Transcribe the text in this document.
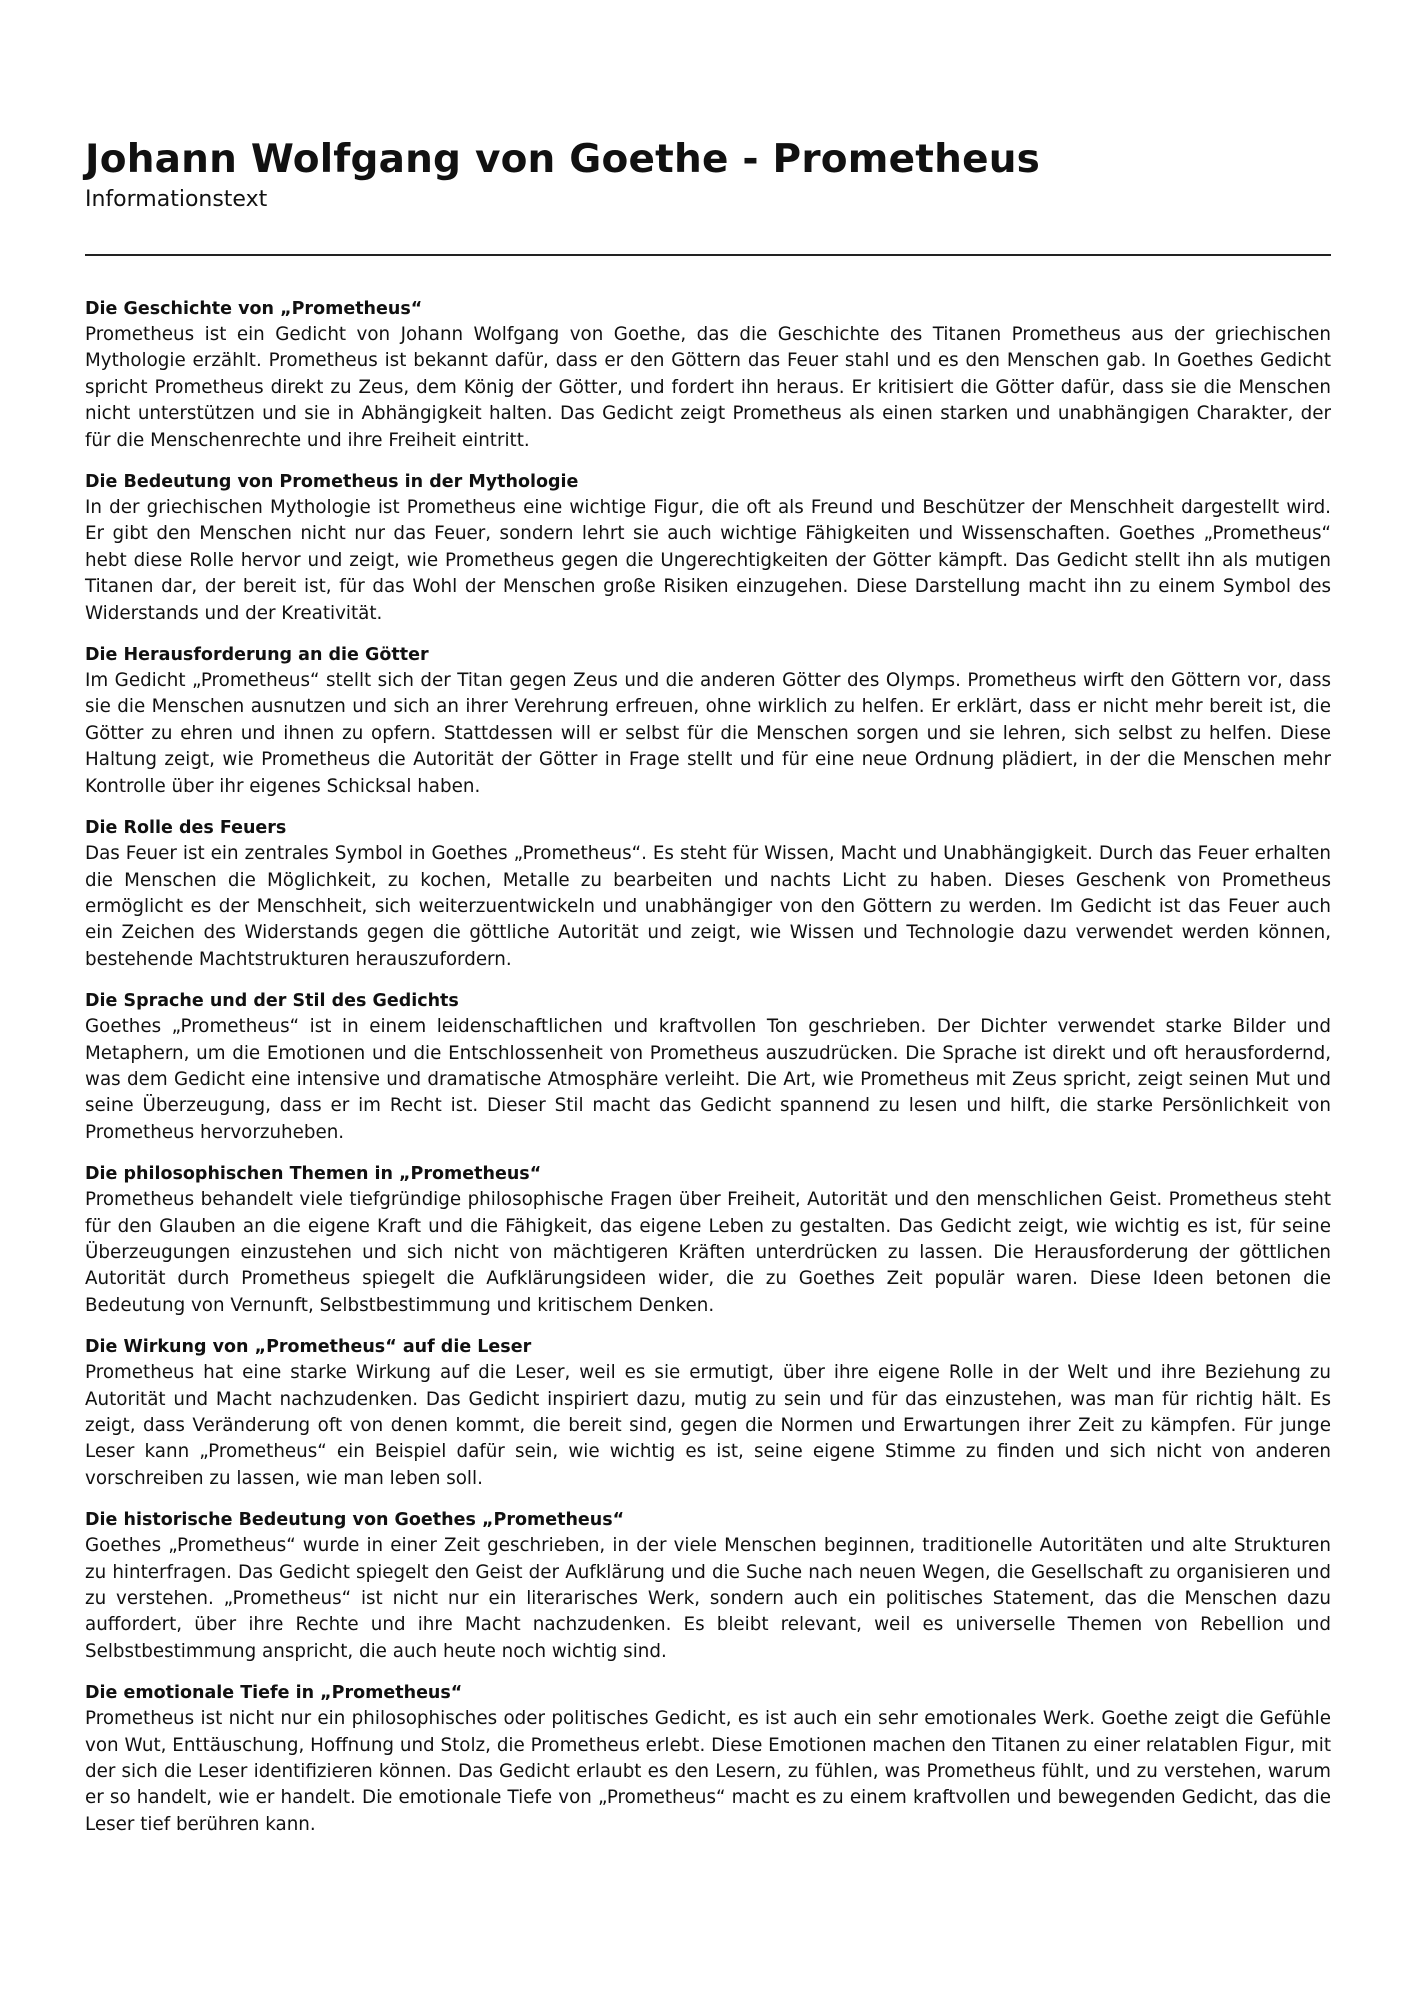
Johann Wolfgang von Goethe - Prometheus
Informationstext
Die Geschichte von „Prometheus“

Prometheus ist ein Gedicht von Johann Wolfgang von Goethe, das die Geschichte des Titanen Prometheus aus der griechischen Mythologie erzählt. Prometheus ist bekannt dafür, dass er den Göttern das Feuer stahl und es den Menschen gab. In Goethes Gedicht spricht Prometheus direkt zu Zeus, dem König der Götter, und fordert ihn heraus. Er kritisiert die Götter dafür, dass sie die Menschen nicht unterstützen und sie in Abhängigkeit halten. Das Gedicht zeigt Prometheus als einen starken und unabhängigen Charakter, der für die Menschenrechte und ihre Freiheit eintritt.

Die Bedeutung von Prometheus in der Mythologie

In der griechischen Mythologie ist Prometheus eine wichtige Figur, die oft als Freund und Beschützer der Menschheit dargestellt wird. Er gibt den Menschen nicht nur das Feuer, sondern lehrt sie auch wichtige Fähigkeiten und Wissenschaften. Goethes „Prometheus“ hebt diese Rolle hervor und zeigt, wie Prometheus gegen die Ungerechtigkeiten der Götter kämpft. Das Gedicht stellt ihn als mutigen Titanen dar, der bereit ist, für das Wohl der Menschen große Risiken einzugehen. Diese Darstellung macht ihn zu einem Symbol des Widerstands und der Kreativität.

Die Herausforderung an die Götter

Im Gedicht „Prometheus“ stellt sich der Titan gegen Zeus und die anderen Götter des Olymps. Prometheus wirft den Göttern vor, dass sie die Menschen ausnutzen und sich an ihrer Verehrung erfreuen, ohne wirklich zu helfen. Er erklärt, dass er nicht mehr bereit ist, die Götter zu ehren und ihnen zu opfern. Stattdessen will er selbst für die Menschen sorgen und sie lehren, sich selbst zu helfen. Diese Haltung zeigt, wie Prometheus die Autorität der Götter in Frage stellt und für eine neue Ordnung plädiert, in der die Menschen mehr Kontrolle über ihr eigenes Schicksal haben.

Die Rolle des Feuers

Das Feuer ist ein zentrales Symbol in Goethes „Prometheus“. Es steht für Wissen, Macht und Unabhängigkeit. Durch das Feuer erhalten die Menschen die Möglichkeit, zu kochen, Metalle zu bearbeiten und nachts Licht zu haben. Dieses Geschenk von Prometheus ermöglicht es der Menschheit, sich weiterzuentwickeln und unabhängiger von den Göttern zu werden. Im Gedicht ist das Feuer auch ein Zeichen des Widerstands gegen die göttliche Autorität und zeigt, wie Wissen und Technologie dazu verwendet werden können, bestehende Machtstrukturen herauszufordern.

Die Sprache und der Stil des Gedichts

Goethes „Prometheus“ ist in einem leidenschaftlichen und kraftvollen Ton geschrieben. Der Dichter verwendet starke Bilder und Metaphern, um die Emotionen und die Entschlossenheit von Prometheus auszudrücken. Die Sprache ist direkt und oft herausfordernd, was dem Gedicht eine intensive und dramatische Atmosphäre verleiht. Die Art, wie Prometheus mit Zeus spricht, zeigt seinen Mut und seine Überzeugung, dass er im Recht ist. Dieser Stil macht das Gedicht spannend zu lesen und hilft, die starke Persönlichkeit von Prometheus hervorzuheben.

Die philosophischen Themen in „Prometheus“

Prometheus behandelt viele tiefgründige philosophische Fragen über Freiheit, Autorität und den menschlichen Geist. Prometheus steht für den Glauben an die eigene Kraft und die Fähigkeit, das eigene Leben zu gestalten. Das Gedicht zeigt, wie wichtig es ist, für seine Überzeugungen einzustehen und sich nicht von mächtigeren Kräften unterdrücken zu lassen. Die Herausforderung der göttlichen Autorität durch Prometheus spiegelt die Aufklärungsideen wider, die zu Goethes Zeit populär waren. Diese Ideen betonen die Bedeutung von Vernunft, Selbstbestimmung und kritischem Denken.

Die Wirkung von „Prometheus“ auf die Leser

Prometheus hat eine starke Wirkung auf die Leser, weil es sie ermutigt, über ihre eigene Rolle in der Welt und ihre Beziehung zu Autorität und Macht nachzudenken. Das Gedicht inspiriert dazu, mutig zu sein und für das einzustehen, was man für richtig hält. Es zeigt, dass Veränderung oft von denen kommt, die bereit sind, gegen die Normen und Erwartungen ihrer Zeit zu kämpfen. Für junge Leser kann „Prometheus“ ein Beispiel dafür sein, wie wichtig es ist, seine eigene Stimme zu finden und sich nicht von anderen vorschreiben zu lassen, wie man leben soll.

Die historische Bedeutung von Goethes „Prometheus“

Goethes „Prometheus“ wurde in einer Zeit geschrieben, in der viele Menschen beginnen, traditionelle Autoritäten und alte Strukturen zu hinterfragen. Das Gedicht spiegelt den Geist der Aufklärung und die Suche nach neuen Wegen, die Gesellschaft zu organisieren und zu verstehen. „Prometheus“ ist nicht nur ein literarisches Werk, sondern auch ein politisches Statement, das die Menschen dazu auffordert, über ihre Rechte und ihre Macht nachzudenken. Es bleibt relevant, weil es universelle Themen von Rebellion und Selbstbestimmung anspricht, die auch heute noch wichtig sind.

Die emotionale Tiefe in „Prometheus“

Prometheus ist nicht nur ein philosophisches oder politisches Gedicht, es ist auch ein sehr emotionales Werk. Goethe zeigt die Gefühle von Wut, Enttäuschung, Hoffnung und Stolz, die Prometheus erlebt. Diese Emotionen machen den Titanen zu einer relatablen Figur, mit der sich die Leser identifizieren können. Das Gedicht erlaubt es den Lesern, zu fühlen, was Prometheus fühlt, und zu verstehen, warum er so handelt, wie er handelt. Die emotionale Tiefe von „Prometheus“ macht es zu einem kraftvollen und bewegenden Gedicht, das die Leser tief berühren kann.
